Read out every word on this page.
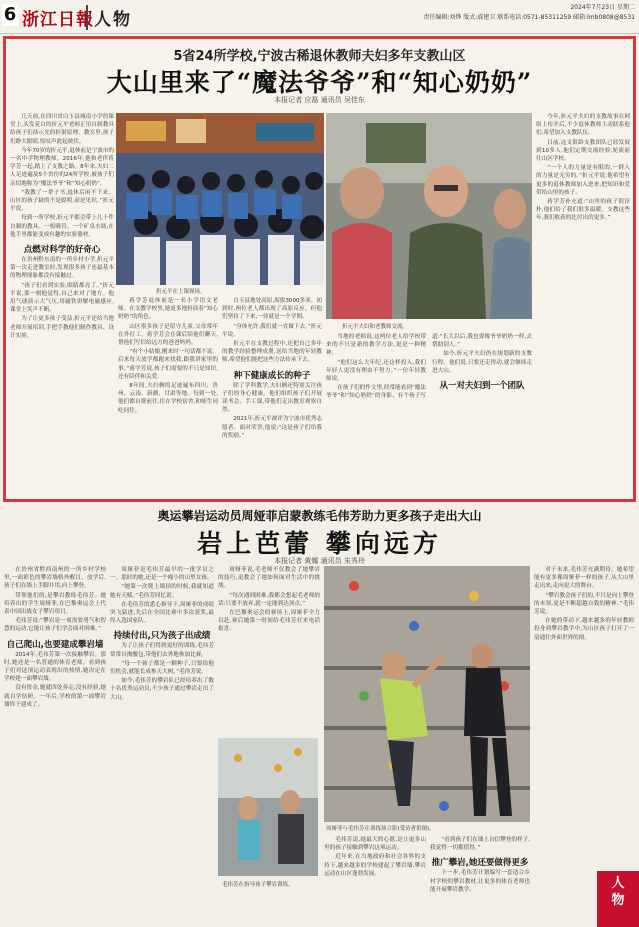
6 浙江日報 人物
2024年7月23日 星期二
责任编辑:刘烨 版式:戚建卫 联系电话:0571-85311259 邮箱:lmb0808@8531
5省24所学校,宁波古稀退休教师夫妇多年支教山区
大山里来了“魔法爷爷”和“知心奶奶”
本报记者 应磊 通讯员 吴佳东

几天前,在四川省白玉县城南小学的课堂上,头发花白的折元平老师正用自制教具给孩子们演示光的折射原理。教室里,孩子们睁大眼睛,惊叹声此起彼伏。

今年70岁的折元平,退休前是宁波市的一名中学物理教师。2016年,他和老伴蒋学芳一起,踏上了支教之路。8年来,夫妇二人足迹遍及5个省份的24所学校,被孩子们亲切地称为“魔法爷爷”和“知心奶奶”。

“我教了一辈子书,退休后闲不下来。山区的孩子缺的不是聪明,而是见识。”折元平说。

每到一所学校,折元平都会带上几十件自制的教具。一根吸管、一个矿泉水瓶,在他手里都能变成有趣的实验器材。

点燃对科学的好奇心

在贵州黔东南的一所乡村小学,折元平第一次走进教室时,发现很多孩子连最基本的物理现象都没有接触过。

“孩子们看到实验,眼睛都亮了。”折元平说,那一刻他觉得,自己来对了地方。他用气球演示大气压,用磁铁讲解电磁感应,课堂上笑声不断。

为了让更多孩子受益,折元平还给当地老师开展培训,手把手教他们制作教具、设计实验。

折元平在上课现场。
折元平夫妇和老教师交流。

蒋学芳退休前是一名小学语文老师。在支教学校里,她更多地扮演着“知心奶奶”的角色。

山区很多孩子是留守儿童,父母常年在外打工。蒋学芳会在课后陪他们聊天,帮他们写信给远方的爸爸妈妈。

“有个小姑娘,刚来时一句话都不说。后来每天放学都跑来找我,跟我讲家里的事。”蒋学芳说,孩子们需要的不只是知识,还有陪伴和关爱。

8年间,夫妇俩的足迹遍布四川、贵州、云南、新疆、甘肃等地。每到一处,他们都自费前往,住在学校宿舍,和师生同吃同住。

白玉县地处高原,海拔3000多米。初到时,两位老人都出现了高原反应。但他们坚持了下来,一待就是一个学期。

“身体允许,我们就一直做下去。”折元平说。

折元平在支教过程中,还把自己多年的教学经验整理成册,送给当地的年轻教师,希望他们能把这些方法传承下去。

种下健康成长的种子

除了学科教学,夫妇俩还特别关注孩子们的身心健康。他们组织孩子们开展读书会、手工课,带他们走出教室观察自然。

2021年,折元平被评为宁波市优秀志愿者。面对荣誉,他说:“这是孩子们给我的奖励。”

当地的老师说,这两位老人给学校带来的不只是新的教学方法,更是一种精神。

“他们这么大年纪,还这样投入,我们年轻人更没有理由不努力。”一位年轻教师说。

在孩子们的作文里,经常能看到“魔法爷爷”和“知心奶奶”的身影。有个孩子写道:“长大以后,我也要像爷爷奶奶一样,去帮助别人。”

如今,折元平夫妇仍在规划新的支教行程。他们说,只要还走得动,就会继续走进大山。

从一对夫妇到一个团队

今年,折元平夫妇的支教故事在网络上传开后,不少退休教师主动联系他们,希望加入支教队伍。

目前,这支银龄支教团队已经发展到10多人,他们定期交流经验,轮流前往山区学校。

“一个人的力量是有限的,一群人的力量是无穷的。”折元平说,他希望有更多的退休教师加入进来,把知识和爱带给山里的孩子。

蒋学芳补充道:“山里的孩子很淳朴,他们给了我们很多温暖。支教这些年,我们收获的比付出的更多。”

奥运攀岩运动员周娅菲启蒙教练毛伟芳助力更多孩子走出大山
岩上芭蕾 攀向远方
本报记者 黄娜 通讯员 朱秀玲

在贵州省黔西南州的一所乡村学校里,一面彩色的攀岩墙格外醒目。放学后,孩子们在墙上手脚并用,向上攀登。

带领他们的,是攀岩教练毛伟芳。她培养出的学生周娅菲,在巴黎奥运会上代表中国出战女子攀岩项目。

毛伟芳说:“攀岩是一项需要勇气和智慧的运动,它能让孩子们学会面对困难。”

自己爬山,也要建成攀岩墙

2014年,毛伟芳第一次接触攀岩。那时,她还是一名普通的体育老师。看到孩子们对这项运动表现出的热情,她决定在学校建一面攀岩墙。

没有资金,她就四处奔走;没有经验,她就自学钻研。一年后,学校的第一面攀岩墙终于建成了。

周娅菲是毛伟芳最早的一批学员之一。那时的她,还是一个瘦小的山里女孩。

“她第一次爬上墙顶的时候,我就知道她有天赋。”毛伟芳回忆说。

在毛伟芳的悉心指导下,周娅菲的成绩突飞猛进,先后在全国比赛中多次获奖,最终入选国家队。

持续付出,只为孩子出成绩

为了让孩子们得到更好的训练,毛伟芳常常自掏腰包,带他们去外地参加比赛。

“每一个孩子都是一颗种子,只要给他们机会,就能长成参天大树。”毛伟芳说。

如今,毛伟芳的攀岩队已经培养出了数十名优秀运动员,不少孩子通过攀岩走出了大山。

周娅菲说,毛老师不仅教会了她攀岩的技巧,更教会了她如何面对生活中的挑战。

“每次遇到困难,我都会想起毛老师的话:只要不放弃,就一定能到达顶点。”

在巴黎奥运会的赛场上,周娅菲全力以赴,赛后她第一时间给毛伟芳打来电话报喜。

毛伟芳在指导孩子攀岩训练。
周娅菲与毛伟芳在训练场合影(受访者供图)。

毛伟芳说,她最大的心愿,是让更多山里的孩子接触到攀岩这项运动。

近年来,在当地政府和社会各界的支持下,越来越多的学校建起了攀岩墙,攀岩运动在山区蓬勃发展。

“看到孩子们在墙上自信攀登的样子,我觉得一切都值得。”

推广攀岩,她还要做得更多

下一步,毛伟芳计划编写一套适合乡村学校的攀岩教材,让更多的体育老师也能开展攀岩教学。

对于未来,毛伟芳充满期待。她希望能有更多像周娅菲一样的孩子,从大山里走出来,走向更大的舞台。

“攀岩教会孩子们的,不只是向上攀登的本领,更是不断超越自我的精神。”毛伟芳说。

在她的带动下,越来越多的年轻教师投身到攀岩教学中,为山区孩子打开了一扇通往外面世界的窗。

人
物
